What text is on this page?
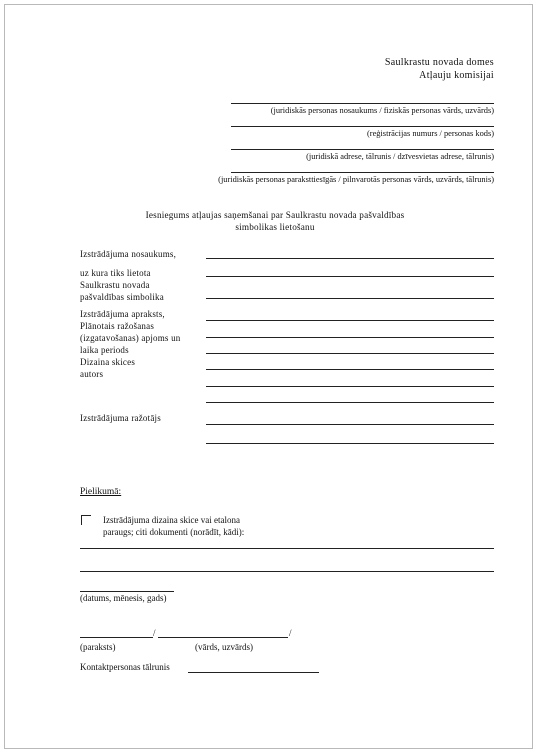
Saulkrastu novada domes
Atļauju komisijai
(juridiskās personas nosaukums / fiziskās personas vārds, uzvārds)
(reģistrācijas numurs / personas kods)
(juridiskā adrese, tālrunis / dzīvesvietas adrese, tālrunis)
(juridiskās personas paraksttiesīgās / pilnvarotās personas vārds, uzvārds, tālrunis)
Iesniegums atļaujas saņemšanai par Saulkrastu novada pašvaldības
simbolikas lietošanu
Izstrādājuma nosaukums,
uz kura tiks lietota
Saulkrastu novada
pašvaldības simbolika
Izstrādājuma apraksts,
Plānotais ražošanas
(izgatavošanas) apjoms un
laika periods
Dizaina skices
autors
Izstrādājuma ražotājs
Pielikumā:
Izstrādājuma dizaina skice vai etalona
paraugs; citi dokumenti (norādīt, kādi):
(datums, mēnesis, gads)
/	/
(paraksts)	(vārds, uzvārds)
Kontaktpersonas tālrunis
